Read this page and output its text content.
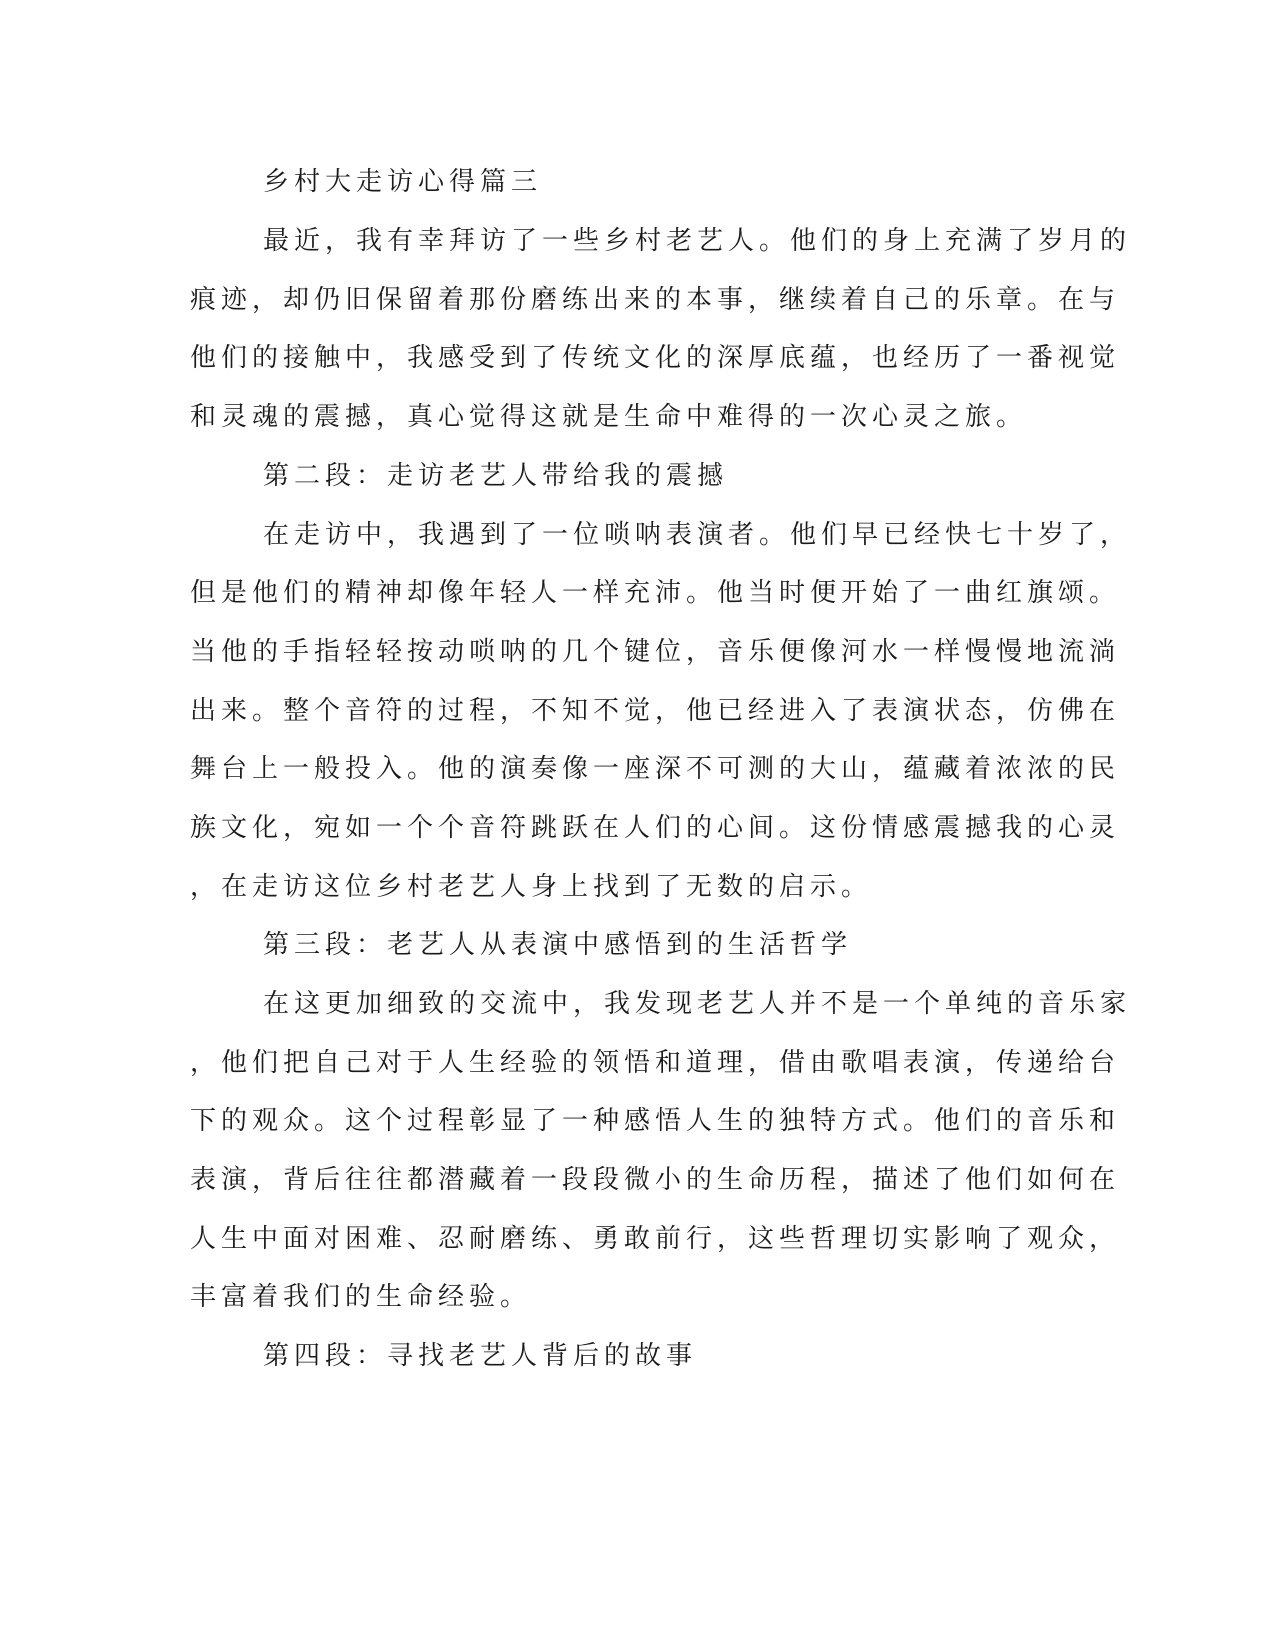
乡村大走访心得篇三
最近，我有幸拜访了一些乡村老艺人。他们的身上充满了岁月的
痕迹，却仍旧保留着那份磨练出来的本事，继续着自己的乐章。在与
他们的接触中，我感受到了传统文化的深厚底蕴，也经历了一番视觉
和灵魂的震撼，真心觉得这就是生命中难得的一次心灵之旅。
第二段：走访老艺人带给我的震撼
在走访中，我遇到了一位唢呐表演者。他们早已经快七十岁了，
但是他们的精神却像年轻人一样充沛。他当时便开始了一曲红旗颂。
当他的手指轻轻按动唢呐的几个键位，音乐便像河水一样慢慢地流淌
出来。整个音符的过程，不知不觉，他已经进入了表演状态，仿佛在
舞台上一般投入。他的演奏像一座深不可测的大山，蕴藏着浓浓的民
族文化，宛如一个个音符跳跃在人们的心间。这份情感震撼我的心灵
，在走访这位乡村老艺人身上找到了无数的启示。
第三段：老艺人从表演中感悟到的生活哲学
在这更加细致的交流中，我发现老艺人并不是一个单纯的音乐家
，他们把自己对于人生经验的领悟和道理，借由歌唱表演，传递给台
下的观众。这个过程彰显了一种感悟人生的独特方式。他们的音乐和
表演，背后往往都潜藏着一段段微小的生命历程，描述了他们如何在
人生中面对困难、忍耐磨练、勇敢前行，这些哲理切实影响了观众，
丰富着我们的生命经验。
第四段：寻找老艺人背后的故事
